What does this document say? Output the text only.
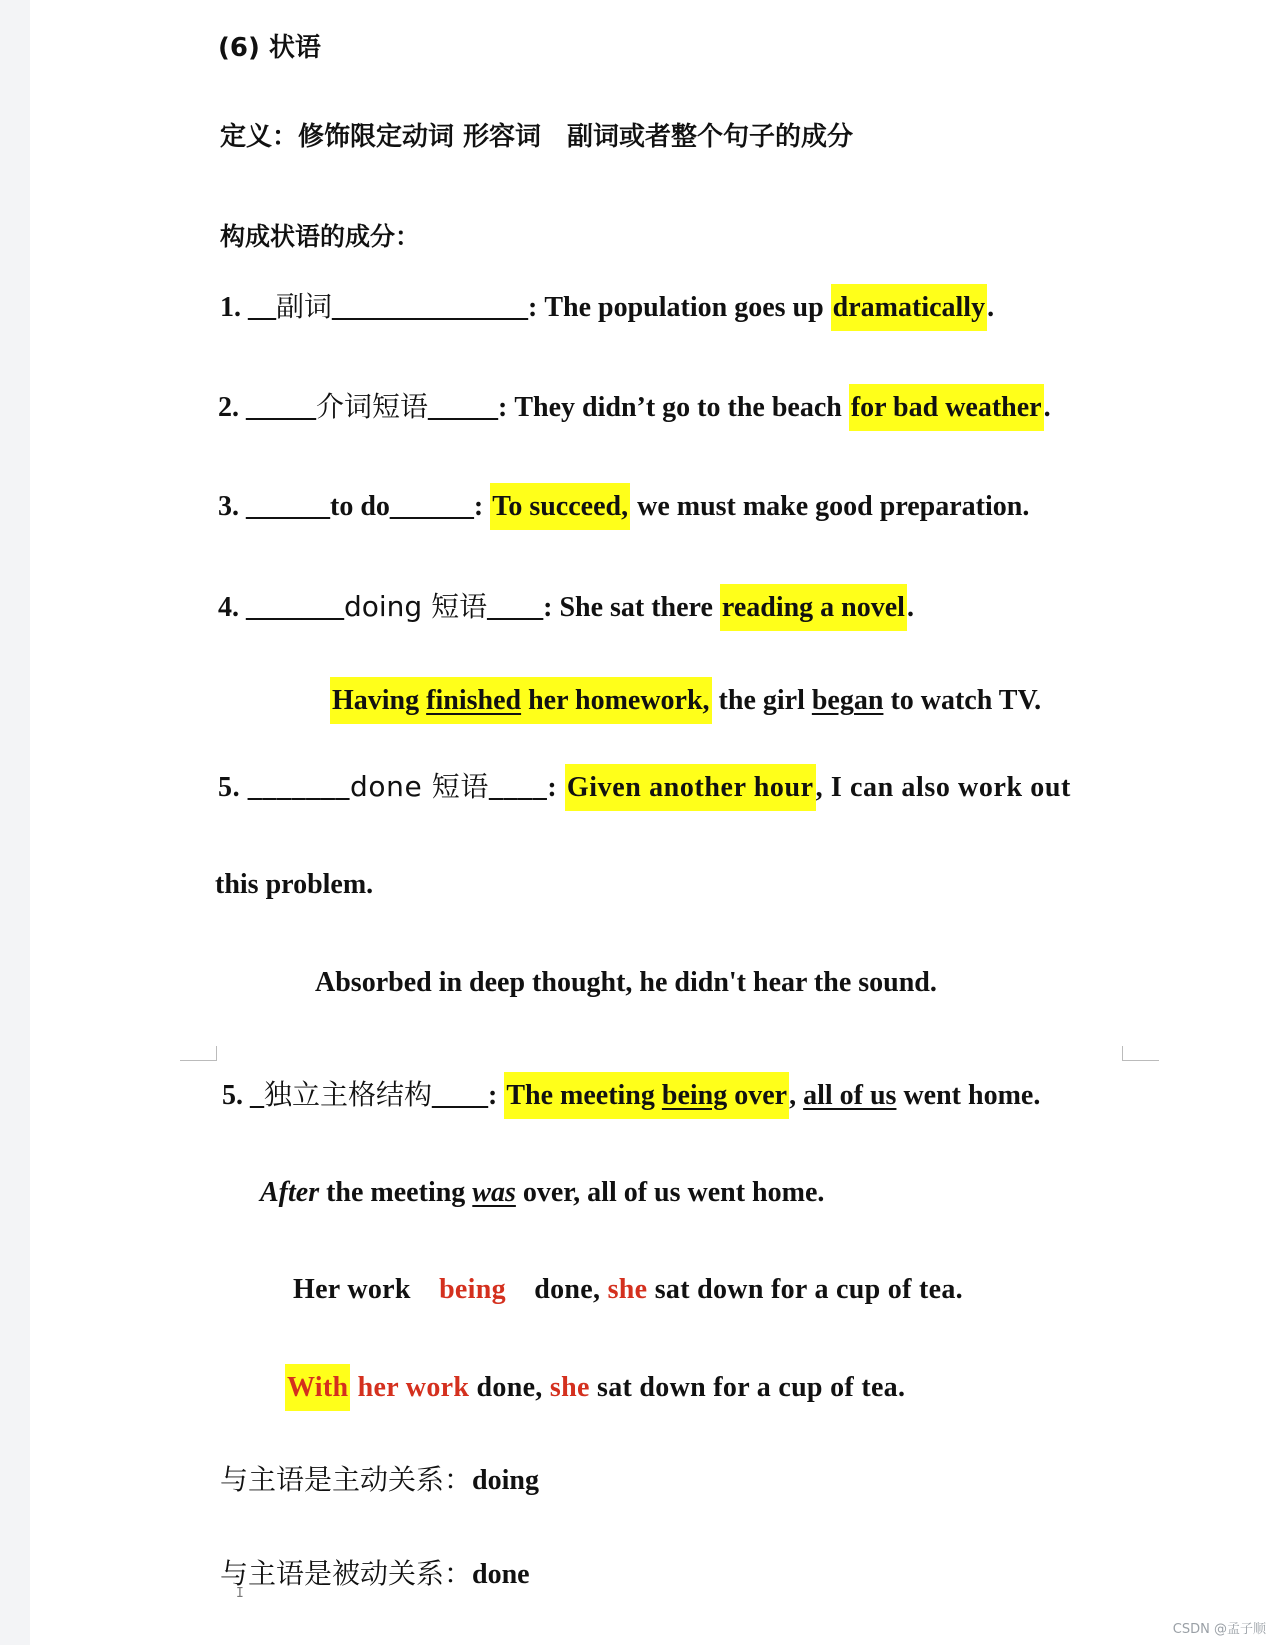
(6) 状语
定义：修饰限定动词 形容词　副词或者整个句子的成分
构成状语的成分：
1. __副词______________: The population goes up dramatically.
2. _____介词短语_____: They didn’t go to the beach for bad weather.
3. ______to do______: To succeed, we must make good preparation.
4. _______doing 短语____: She sat there reading a novel.
Having finished her homework, the girl began to watch TV.
5. _______done 短语____: Given another hour, I can also work out
this problem.
Absorbed in deep thought, he didn't hear the sound.
5. _独立主格结构____: The meeting being over, all of us went home.
After the meeting was over, all of us went home.
Her work　being　done, she sat down for a cup of tea.
With her work done, she sat down for a cup of tea.
与主语是主动关系：doing
与主语是被动关系：done
I
CSDN @孟子顺
